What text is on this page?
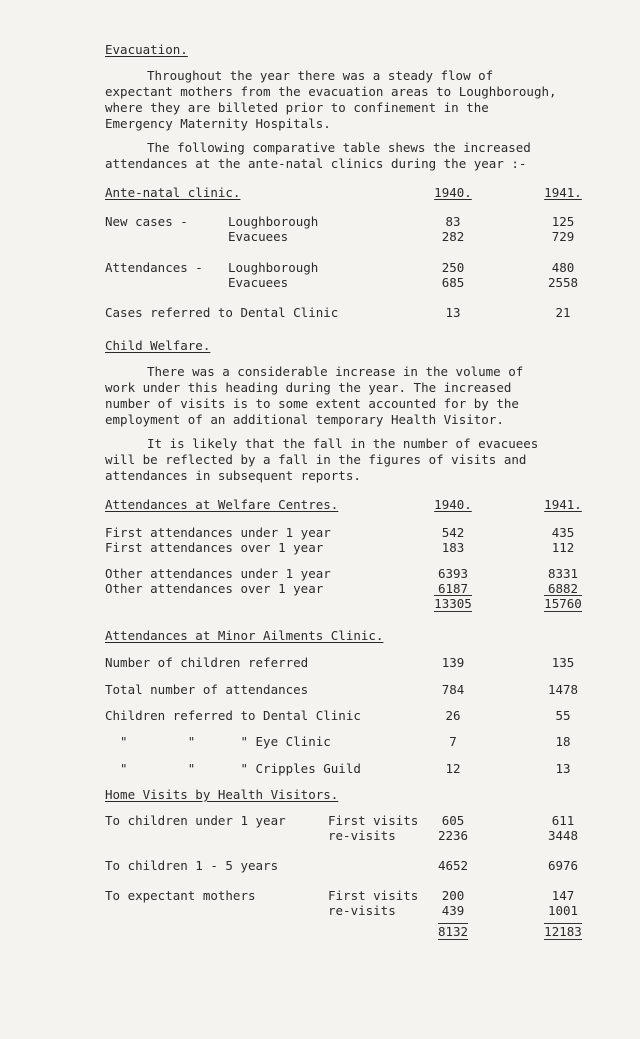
Evacuation.
Throughout the year there was a steady flow of
expectant mothers from the evacuation areas to Loughborough,
where they are billeted prior to confinement in the
Emergency Maternity Hospitals.
The following comparative table shews the increased
attendances at the ante-natal clinics during the year :-
Ante-natal clinic.	1940.	1941.
New cases -	Loughborough	83	125
Evacuees	282	729
Attendances - Loughborough	250	480
Evacuees	685	2558
Cases referred to Dental Clinic	13	21
Child Welfare.
There was a considerable increase in the volume of
work under this heading during the year. The increased
number of visits is to some extent accounted for by the
employment of an additional temporary Health Visitor.
It is likely that the fall in the number of evacuees
will be reflected by a fall in the figures of visits and
attendances in subsequent reports.
Attendances at Welfare Centres.	1940.	1941.
First attendances under 1 year	542	435
First attendances over 1 year	183	112
Other attendances under 1 year	6393	8331
Other attendances over 1 year	6187	6882
13305	15760
Attendances at Minor Ailments Clinic.
Number of children referred	139	135
Total number of attendances	784	1478
Children referred to Dental Clinic	26	55
"        "      " Eye Clinic	7	18
"        "      " Cripples Guild	12	13
Home Visits by Health Visitors.
To children under 1 year	First visits	605	611
re-visits	2236	3448
To children 1 - 5 years	4652	6976
To expectant mothers	First visits	200	147
re-visits	439	1001
8132	12183
